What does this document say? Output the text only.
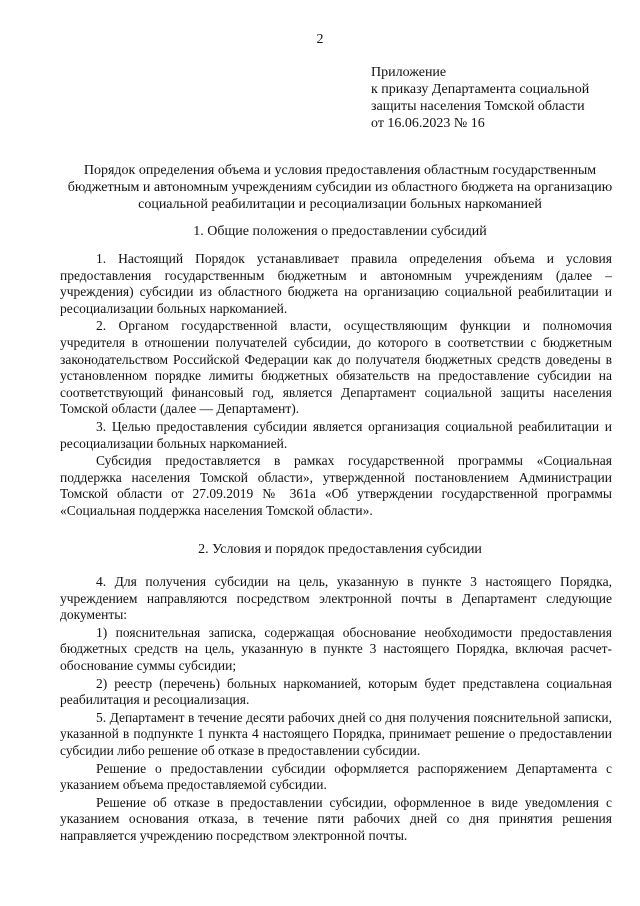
2
Приложение
к приказу Департамента социальной
защиты населения Томской области
от 16.06.2023 № 16
Порядок определения объема и условия предоставления областным государственным бюджетным и автономным учреждениям субсидии из областного бюджета на организацию социальной реабилитации и ресоциализации больных наркоманией
1. Общие положения о предоставлении субсидий

1. Настоящий Порядок устанавливает правила определения объема и условия предоставления государственным бюджетным и автономным учреждениям (далее – учреждения) субсидии из областного бюджета на организацию социальной реабилитации и ресоциализации больных наркоманией.

2. Органом государственной власти, осуществляющим функции и полномочия учредителя в отношении получателей субсидии, до которого в соответствии с бюджетным законодательством Российской Федерации как до получателя бюджетных средств доведены в установленном порядке лимиты бюджетных обязательств на предоставление субсидии на соответствующий финансовый год, является Департамент социальной защиты населения Томской области (далее — Департамент).

3. Целью предоставления субсидии является организация социальной реабилитации и ресоциализации больных наркоманией.

Субсидия предоставляется в рамках государственной программы «Социальная поддержка населения Томской области», утвержденной постановлением Администрации Томской области от 27.09.2019 № 361а «Об утверждении государственной программы «Социальная поддержка населения Томской области».

2. Условия и порядок предоставления субсидии

4. Для получения субсидии на цель, указанную в пункте 3 настоящего Порядка, учреждением направляются посредством электронной почты в Департамент следующие документы:

1) пояснительная записка, содержащая обоснование необходимости предоставления бюджетных средств на цель, указанную в пункте 3 настоящего Порядка, включая расчет-обоснование суммы субсидии;

2) реестр (перечень) больных наркоманией, которым будет представлена социальная реабилитация и ресоциализация.

5. Департамент в течение десяти рабочих дней со дня получения пояснительной записки, указанной в подпункте 1 пункта 4 настоящего Порядка, принимает решение о предоставлении субсидии либо решение об отказе в предоставлении субсидии.

Решение о предоставлении субсидии оформляется распоряжением Департамента с указанием объема предоставляемой субсидии.

Решение об отказе в предоставлении субсидии, оформленное в виде уведомления с указанием основания отказа, в течение пяти рабочих дней со дня принятия решения направляется учреждению посредством электронной почты.
